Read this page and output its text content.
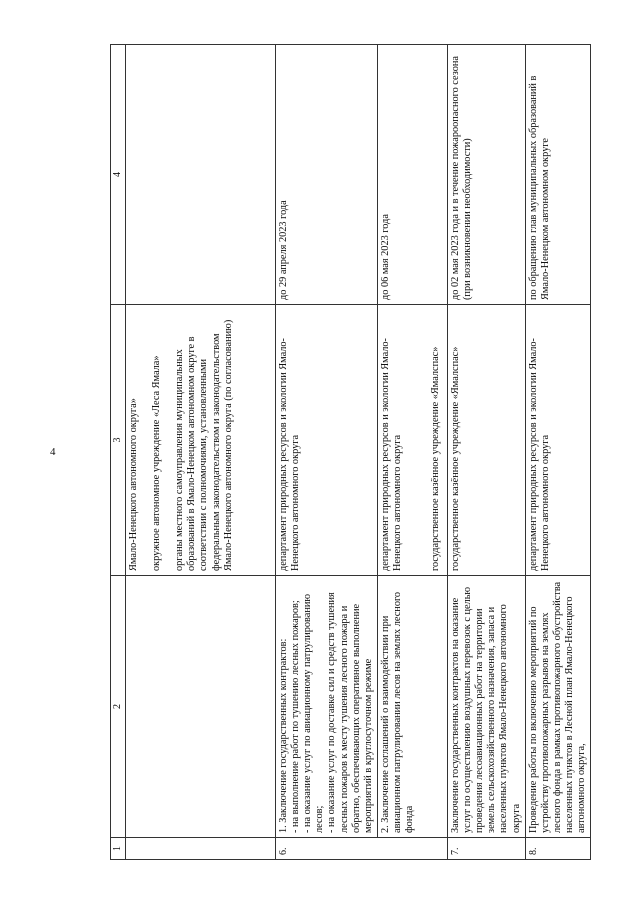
4
1	2	3	4

		Ямало-Ненецкого автономного округа» окружное автономное учреждение «Леса Ямала» органы местного самоуправления муниципальных образований в Ямало-Ненецком автономном округе в соответствии с полномочиями, установленными федеральным законодательством и законодательством Ямало-Ненецкого автономного округа (по согласованию)	

6.	1. Заключение государственных контрактов: - на выполнение работ по тушению лесных пожаров; - на оказание услуг по авиационному патрулированию лесов; - на оказание услуг по доставке сил и средств тушения лесных пожаров к месту тушения лесного пожара и обратно, обеспечивающих оперативное выполнение мероприятий в круглосуточном режиме	департамент природных ресурсов и экологии Ямало-Ненецкого автономного округа	до 29 апреля 2023 года
	2. Заключение соглашений о взаимодействии при авиационном патрулировании лесов на землях лесного фонда	департамент природных ресурсов и экологии Ямало-Ненецкого автономного округа государственное казённое учреждение «Ямалспас»	до 06 мая 2023 года
7.	Заключение государственных контрактов на оказание услуг по осуществлению воздушных перевозок с целью проведения лесоавиационных работ на территории земель сельскохозяйственного назначения, запаса и населенных пунктов Ямало-Ненецкого автономного округа	государственное казённое учреждение «Ямалспас»	до 02 мая 2023 года и в течение пожароопасного сезона (при возникновении необходимости)
8.	Проведение работы по включению мероприятий по устройству противопожарных разрывов на землях лесного фонда в рамках противопожарного обустройства населенных пунктов в Лесной план Ямало-Ненецкого автономного округа,	департамент природных ресурсов и экологии Ямало-Ненецкого автономного округа	по обращению глав муниципальных образований в Ямало-Ненецком автономном округе
